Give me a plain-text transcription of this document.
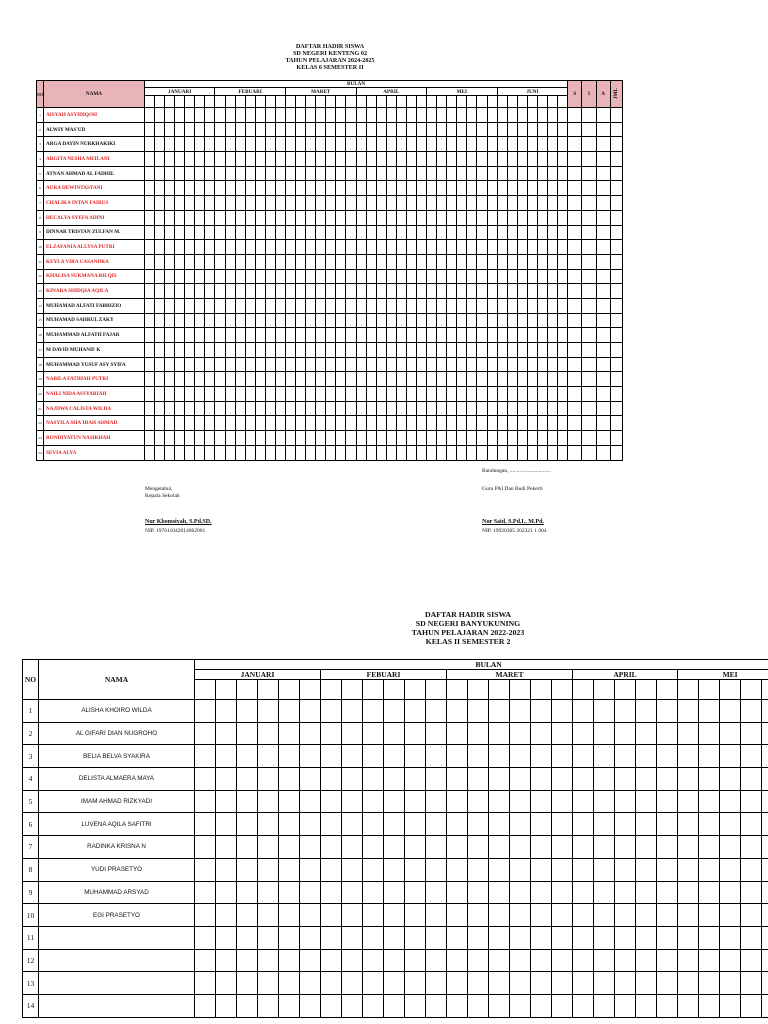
DAFTAR HADIR SISWA
SD NEGERI KENTENG 02
TAHUN PELAJARAN 2024-2025
KELAS 6 SEMESTER II
NO	NAMA	BULAN																																										S	I	A	JML
		JANUARI							FEBUARI							MARET							APRIL							MEI							JUNI										

1	AISYAH ASYIDIQOH																																														
2	ALWIY MAS'UD																																														
3	ARGA DAYIN NURKHAKIKI																																														
4	ARGITA NESHA MEILANI																																														
5	ATNAN AHMAD AL FADHIL																																														
6	AURA DEWINTASTANI																																														
7	CHALIKA INTAN FAIRUS																																														
8	DECALYA SYEFA ADINI																																														
9	DINNAR TRISTAN ZULFAN M.																																														
10	ELZAFANIA ALLYSA PUTRI																																														
11	KEYLA VIRA CASANDRA																																														
12	KHALISA SUKMANA BILQIS																																														
13	KINARA SHIDQIA AQILA																																														
14	MUHAMAD ALFATI FABRIZIO																																														
15	MUHAMAD SAHRUL ZAKY																																														
16	MUHAMMAD ALFATH FAJAR																																														
17	M DAVID MUHANIF K																																														
18	MUHAMMAD YUSUF ASY SYIFA																																														
19	NABILA FATIHAH PUTRI																																														
20	NAILI NIDA ASSYARIAH																																														
21	NAJDWA CALISTA WILDA																																														
22	NASYILA SHA'IDAH AHMAD																																														
23	RONDIYATUN NASIKHAH																																														
24	SEVIA ALYA																																														
Bandungan, ..............................
Mengetahui,
Kepala Sekolah
Guru PAI Dan Budi Pekerti
Nur Khomsiyah, S.Pd.SD.
NIP. 197611042014062001
Nur Said, S.Pd.I., M.Pd.
NIP. 19920305 202321 1 004
DAFTAR HADIR SISWA
SD NEGERI BANYUKUNING
TAHUN PELAJARAN 2022-2023
KELAS II SEMESTER 2
NO	NAMA	BULAN																											
		JANUARI						FEBUARI						MARET						APRIL					MEI				

1	ALISHA KHOIRO WILDA																												
2	AL GIFARI DIAN NUGROHO																												
3	BELIA BELVA SYAKIRA																												
4	DELISTA ALMAERA MAYA																												
5	IMAM AHMAD RIZKYADI																												
6	LUVENA AQILA SAFITRI																												
7	RADINKA KRISNA N																												
8	YUDI PRASETYO																												
9	MUHAMMAD ARSYAD																												
10	EGI PRASETYO																												
11																													
12																													
13																													
14																													
